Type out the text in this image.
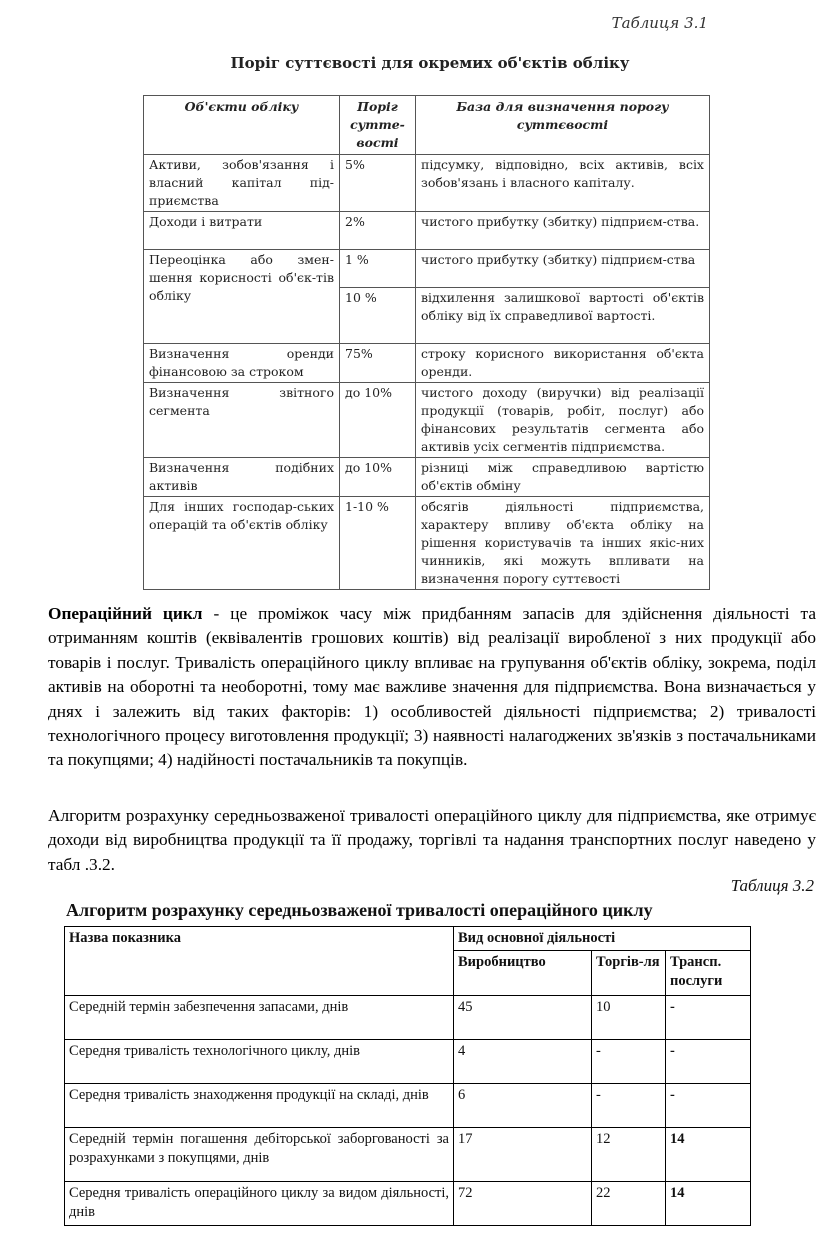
Таблиця 3.1
Поріг суттєвості для окремих об'єктів обліку
Об'єкти обліку	Поріг сутте-вості	База для визначення порогу суттєвості
Активи, зобов'язання і власний капітал під-приємства	5%	підсумку, відповідно, всіх активів, всіх зобов'язань і власного капіталу.
Доходи і витрати	2%	чистого прибутку (збитку) підприєм-ства.
Переоцінка або змен-шення корисності об'єк-тів обліку	1 %	чистого прибутку (збитку) підприєм-ства
	10 %	відхилення залишкової вартості об'єктів обліку від їх справедливої вартості.
Визначення оренди фінансовою за строком	75%	строку корисного використання об'єкта оренди.
Визначення звітного сегмента	до 10%	чистого доходу (виручки) від реалізації продукції (товарів, робіт, послуг) або фінансових результатів сегмента або активів усіх сегментів підприємства.
Визначення подібних активів	до 10%	різниці між справедливою вартістю об'єктів обміну
Для інших господар-ських операцій та об'єктів обліку	1-10 %	обсягів діяльності підприємства, характеру впливу об'єкта обліку на рішення користувачів та інших якіс-них чинників, які можуть впливати на визначення порогу суттєвості
Операційний цикл - це проміжок часу між придбанням запасів для здійснення діяльності та отриманням коштів (еквівалентів грошових коштів) від реалізації виробленої з них продукції або товарів і послуг. Тривалість операційного циклу впливає на групування об'єктів обліку, зокрема, поділ активів на оборотні та необоротні, тому має важливе значення для підприємства. Вона визначається у днях і залежить від таких факторів: 1) особливостей діяльності підприємства; 2) тривалості технологічного процесу виготовлення продукції; 3) наявності налагоджених зв'язків з постачальниками та покупцями; 4) надійності постачальників та покупців.
Алгоритм розрахунку середньозваженої тривалості операційного циклу для підприємства, яке отримує доходи від виробництва продукції та її продажу, торгівлі та надання транспортних послуг наведено у табл .3.2.
Таблиця 3.2
Алгоритм розрахунку середньозваженої тривалості операційного циклу
Назва показника	Вид основної діяльності		
	Виробництво	Торгів-ля	Трансп. послуги
Середній термін забезпечення запасами, днів	45	10	-
Середня тривалість технологічного циклу, днів	4	-	-
Середня тривалість знаходження продукції на складі, днів	6	-	-
Середній термін погашення дебіторської заборгованості за розрахунками з покупцями, днів	17	12	14
Середня тривалість операційного циклу за видом діяльності, днів	72	22	14
